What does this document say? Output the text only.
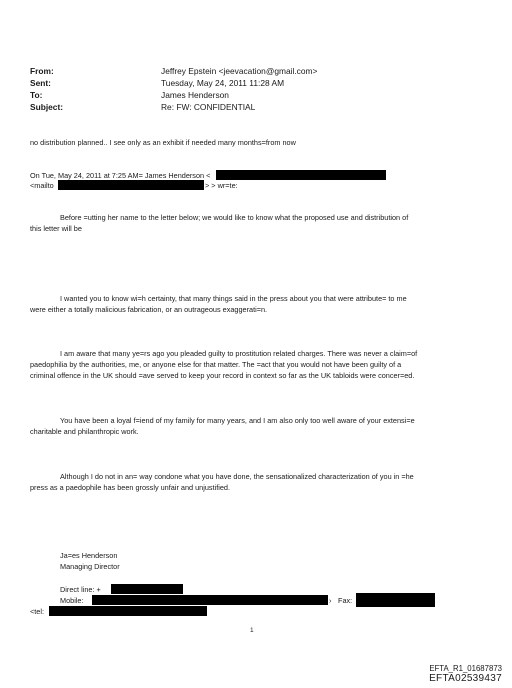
From:	Jeffrey Epstein <jeevacation@gmail.com>
Sent:	Tuesday, May 24, 2011 11:28 AM
To:	James Henderson
Subject:	Re: FW: CONFIDENTIAL
no distribution planned.. I see only as an exhibit if needed many months=from now
On Tue, May 24, 2011 at 7:25 AM= James Henderson <
<mailto	> > wr=te:
Before =utting her name to the letter below; we would like to know what the proposed use and distribution of
this letter will be
I wanted you to know wi=h certainty, that many things said in the press about you that were attribute= to me
were either a totally malicious fabrication, or an outrageous exaggerati=n.
I am aware that many ye=rs ago you pleaded guilty to prostitution related charges. There was never a claim=of
paedophilia by the authorities, me, or anyone else for that matter. The =act that you would not have been guilty of a
criminal offence in the UK should =ave served to keep your record in context so far as the UK tabloids were concer=ed.
You have been a loyal f=iend of my family for many years, and I am also only too well aware of your extensi=e
charitable and philanthropic work.
Although I do not in an= way condone what you have done, the sensationalized characterization of you in =he
press as a paedophile has been grossly unfair and unjustified.
Ja=es Henderson
Managing Director
Direct line: +
Mobile:	› Fax:
<tel:
1
EFTA_R1_01687873
EFTA02539437
